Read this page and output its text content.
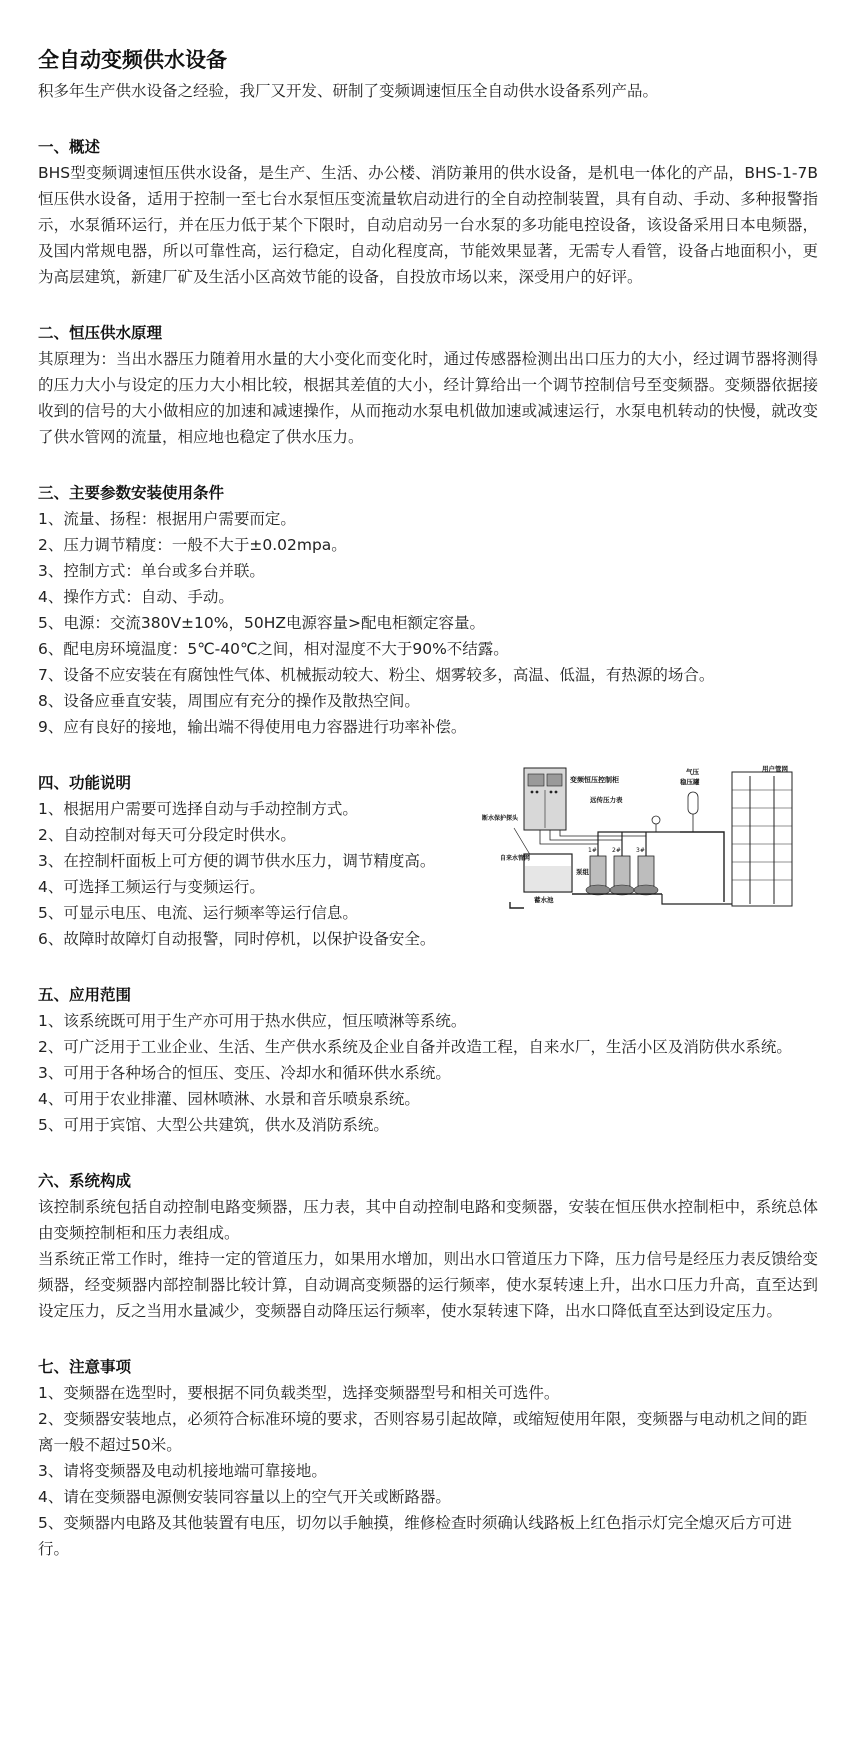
全自动变频供水设备

积多年生产供水设备之经验，我厂又开发、研制了变频调速恒压全自动供水设备系列产品。

一、概述

BHS型变频调速恒压供水设备，是生产、生活、办公楼、消防兼用的供水设备，是机电一体化的产品，BHS-1-7B恒压供水设备，适用于控制一至七台水泵恒压变流量软启动进行的全自动控制装置，具有自动、手动、多种报警指示，水泵循环运行，并在压力低于某个下限时，自动启动另一台水泵的多功能电控设备，该设备采用日本电频器，及国内常规电器，所以可靠性高，运行稳定，自动化程度高，节能效果显著，无需专人看管，设备占地面积小，更为高层建筑，新建厂矿及生活小区高效节能的设备，自投放市场以来，深受用户的好评。

二、恒压供水原理

其原理为：当出水器压力随着用水量的大小变化而变化时，通过传感器检测出出口压力的大小，经过调节器将测得的压力大小与设定的压力大小相比较，根据其差值的大小，经计算给出一个调节控制信号至变频器。变频器依据接收到的信号的大小做相应的加速和减速操作，从而拖动水泵电机做加速或减速运行，水泵电机转动的快慢，就改变了供水管网的流量，相应地也稳定了供水压力。

三、主要参数安装使用条件

1、流量、扬程：根据用户需要而定。

2、压力调节精度：一般不大于±0.02mpa。

3、控制方式：单台或多台并联。

4、操作方式：自动、手动。

5、电源：交流380V±10%，50HZ电源容量>配电柜额定容量。

6、配电房环境温度：5℃-40℃之间，相对湿度不大于90%不结露。

7、设备不应安装在有腐蚀性气体、机械振动较大、粉尘、烟雾较多，高温、低温，有热源的场合。

8、设备应垂直安装，周围应有充分的操作及散热空间。

9、应有良好的接地，输出端不得使用电力容器进行功率补偿。

四、功能说明

1、根据用户需要可选择自动与手动控制方式。

2、自动控制对每天可分段定时供水。

3、在控制杆面板上可方便的调节供水压力，调节精度高。

4、可选择工频运行与变频运行。

5、可显示电压、电流、运行频率等运行信息。

6、故障时故障灯自动报警，同时停机，以保护设备安全。

变频恒压控制柜
断水保护探头
蓄水池
自来水管网
泵组
1#	2#	3#
远传压力表
气压
稳压罐
用户管网
五、应用范围

1、该系统既可用于生产亦可用于热水供应，恒压喷淋等系统。

2、可广泛用于工业企业、生活、生产供水系统及企业自备并改造工程，自来水厂，生活小区及消防供水系统。

3、可用于各种场合的恒压、变压、冷却水和循环供水系统。

4、可用于农业排灌、园林喷淋、水景和音乐喷泉系统。

5、可用于宾馆、大型公共建筑，供水及消防系统。

六、系统构成

该控制系统包括自动控制电路变频器，压力表，其中自动控制电路和变频器，安装在恒压供水控制柜中，系统总体由变频控制柜和压力表组成。

当系统正常工作时，维持一定的管道压力，如果用水增加，则出水口管道压力下降，压力信号是经压力表反馈给变频器，经变频器内部控制器比较计算，自动调高变频器的运行频率，使水泵转速上升，出水口压力升高，直至达到设定压力，反之当用水量减少，变频器自动降压运行频率，使水泵转速下降，出水口降低直至达到设定压力。

七、注意事项

1、变频器在选型时，要根据不同负载类型，选择变频器型号和相关可选件。

2、变频器安装地点，必须符合标准环境的要求，否则容易引起故障，或缩短使用年限，变频器与电动机之间的距离一般不超过50米。

3、请将变频器及电动机接地端可靠接地。

4、请在变频器电源侧安装同容量以上的空气开关或断路器。

5、变频器内电路及其他装置有电压，切勿以手触摸，维修检查时须确认线路板上红色指示灯完全熄灭后方可进行。
